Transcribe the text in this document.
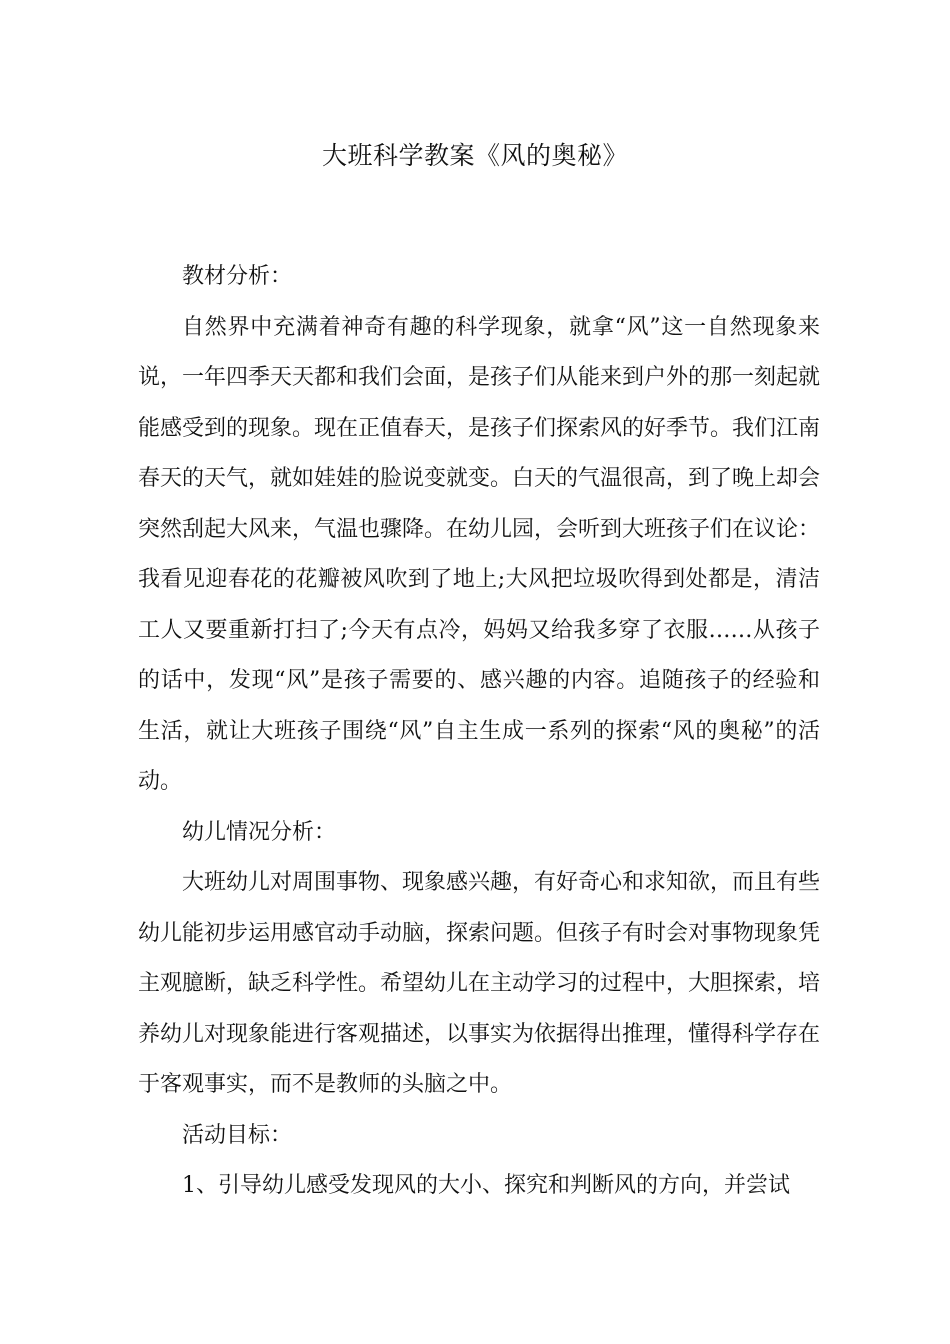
大班科学教案《风的奥秘》

教材分析：

自然界中充满着神奇有趣的科学现象，就拿“风”这一自然现象来说，一年四季天天都和我们会面，是孩子们从能来到户外的那一刻起就能感受到的现象。现在正值春天，是孩子们探索风的好季节。我们江南春天的天气，就如娃娃的脸说变就变。白天的气温很高，到了晚上却会突然刮起大风来，气温也骤降。在幼儿园，会听到大班孩子们在议论：我看见迎春花的花瓣被风吹到了地上;大风把垃圾吹得到处都是，清洁工人又要重新打扫了;今天有点冷，妈妈又给我多穿了衣服……从孩子的话中，发现“风”是孩子需要的、感兴趣的内容。追随孩子的经验和生活，就让大班孩子围绕“风”自主生成一系列的探索“风的奥秘”的活动。

幼儿情况分析：

大班幼儿对周围事物、现象感兴趣，有好奇心和求知欲，而且有些幼儿能初步运用感官动手动脑，探索问题。但孩子有时会对事物现象凭主观臆断，缺乏科学性。希望幼儿在主动学习的过程中，大胆探索，培养幼儿对现象能进行客观描述，以事实为依据得出推理，懂得科学存在于客观事实，而不是教师的头脑之中。

活动目标：

1、引导幼儿感受发现风的大小、探究和判断风的方向，并尝试
